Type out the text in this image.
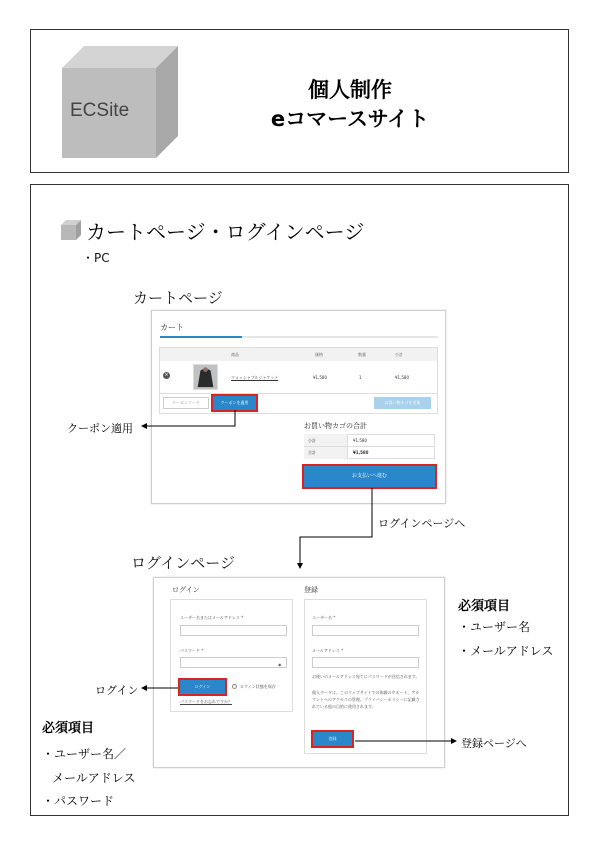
ECSite
個人制作
eコマースサイト
カートページ・ログインページ
・PC
カートページ
カート
商品	価格	数量	小計
×	ウォッシャブルジャケット	¥1,580	1	¥1,580
クーポンコード	クーポンを適用	お買い物カゴを更新
お買い物カゴの合計
小計	¥1,580
合計	¥1,580
お支払いへ進む
ログインページ
ログイン	登録
ユーザー名またはメールアドレス *
パスワード *
◉
ログイン	ログイン状態を保存
パスワードをお忘れですか？
ユーザー名 *
メールアドレス *
お使いのメールアドレス宛てにパスワードが送信されます。
個人データは、このウェブサイトでの体験のサポート、アカウントへのアクセスの管理、プライバシーポリシーに記載されている他の目的に使用されます。
登録
クーポン適用
ログインページへ
ログイン
登録ページへ
必須項目
・ユーザー名
・メールアドレス
必須項目
・ユーザー名／
メールアドレス
・パスワード
